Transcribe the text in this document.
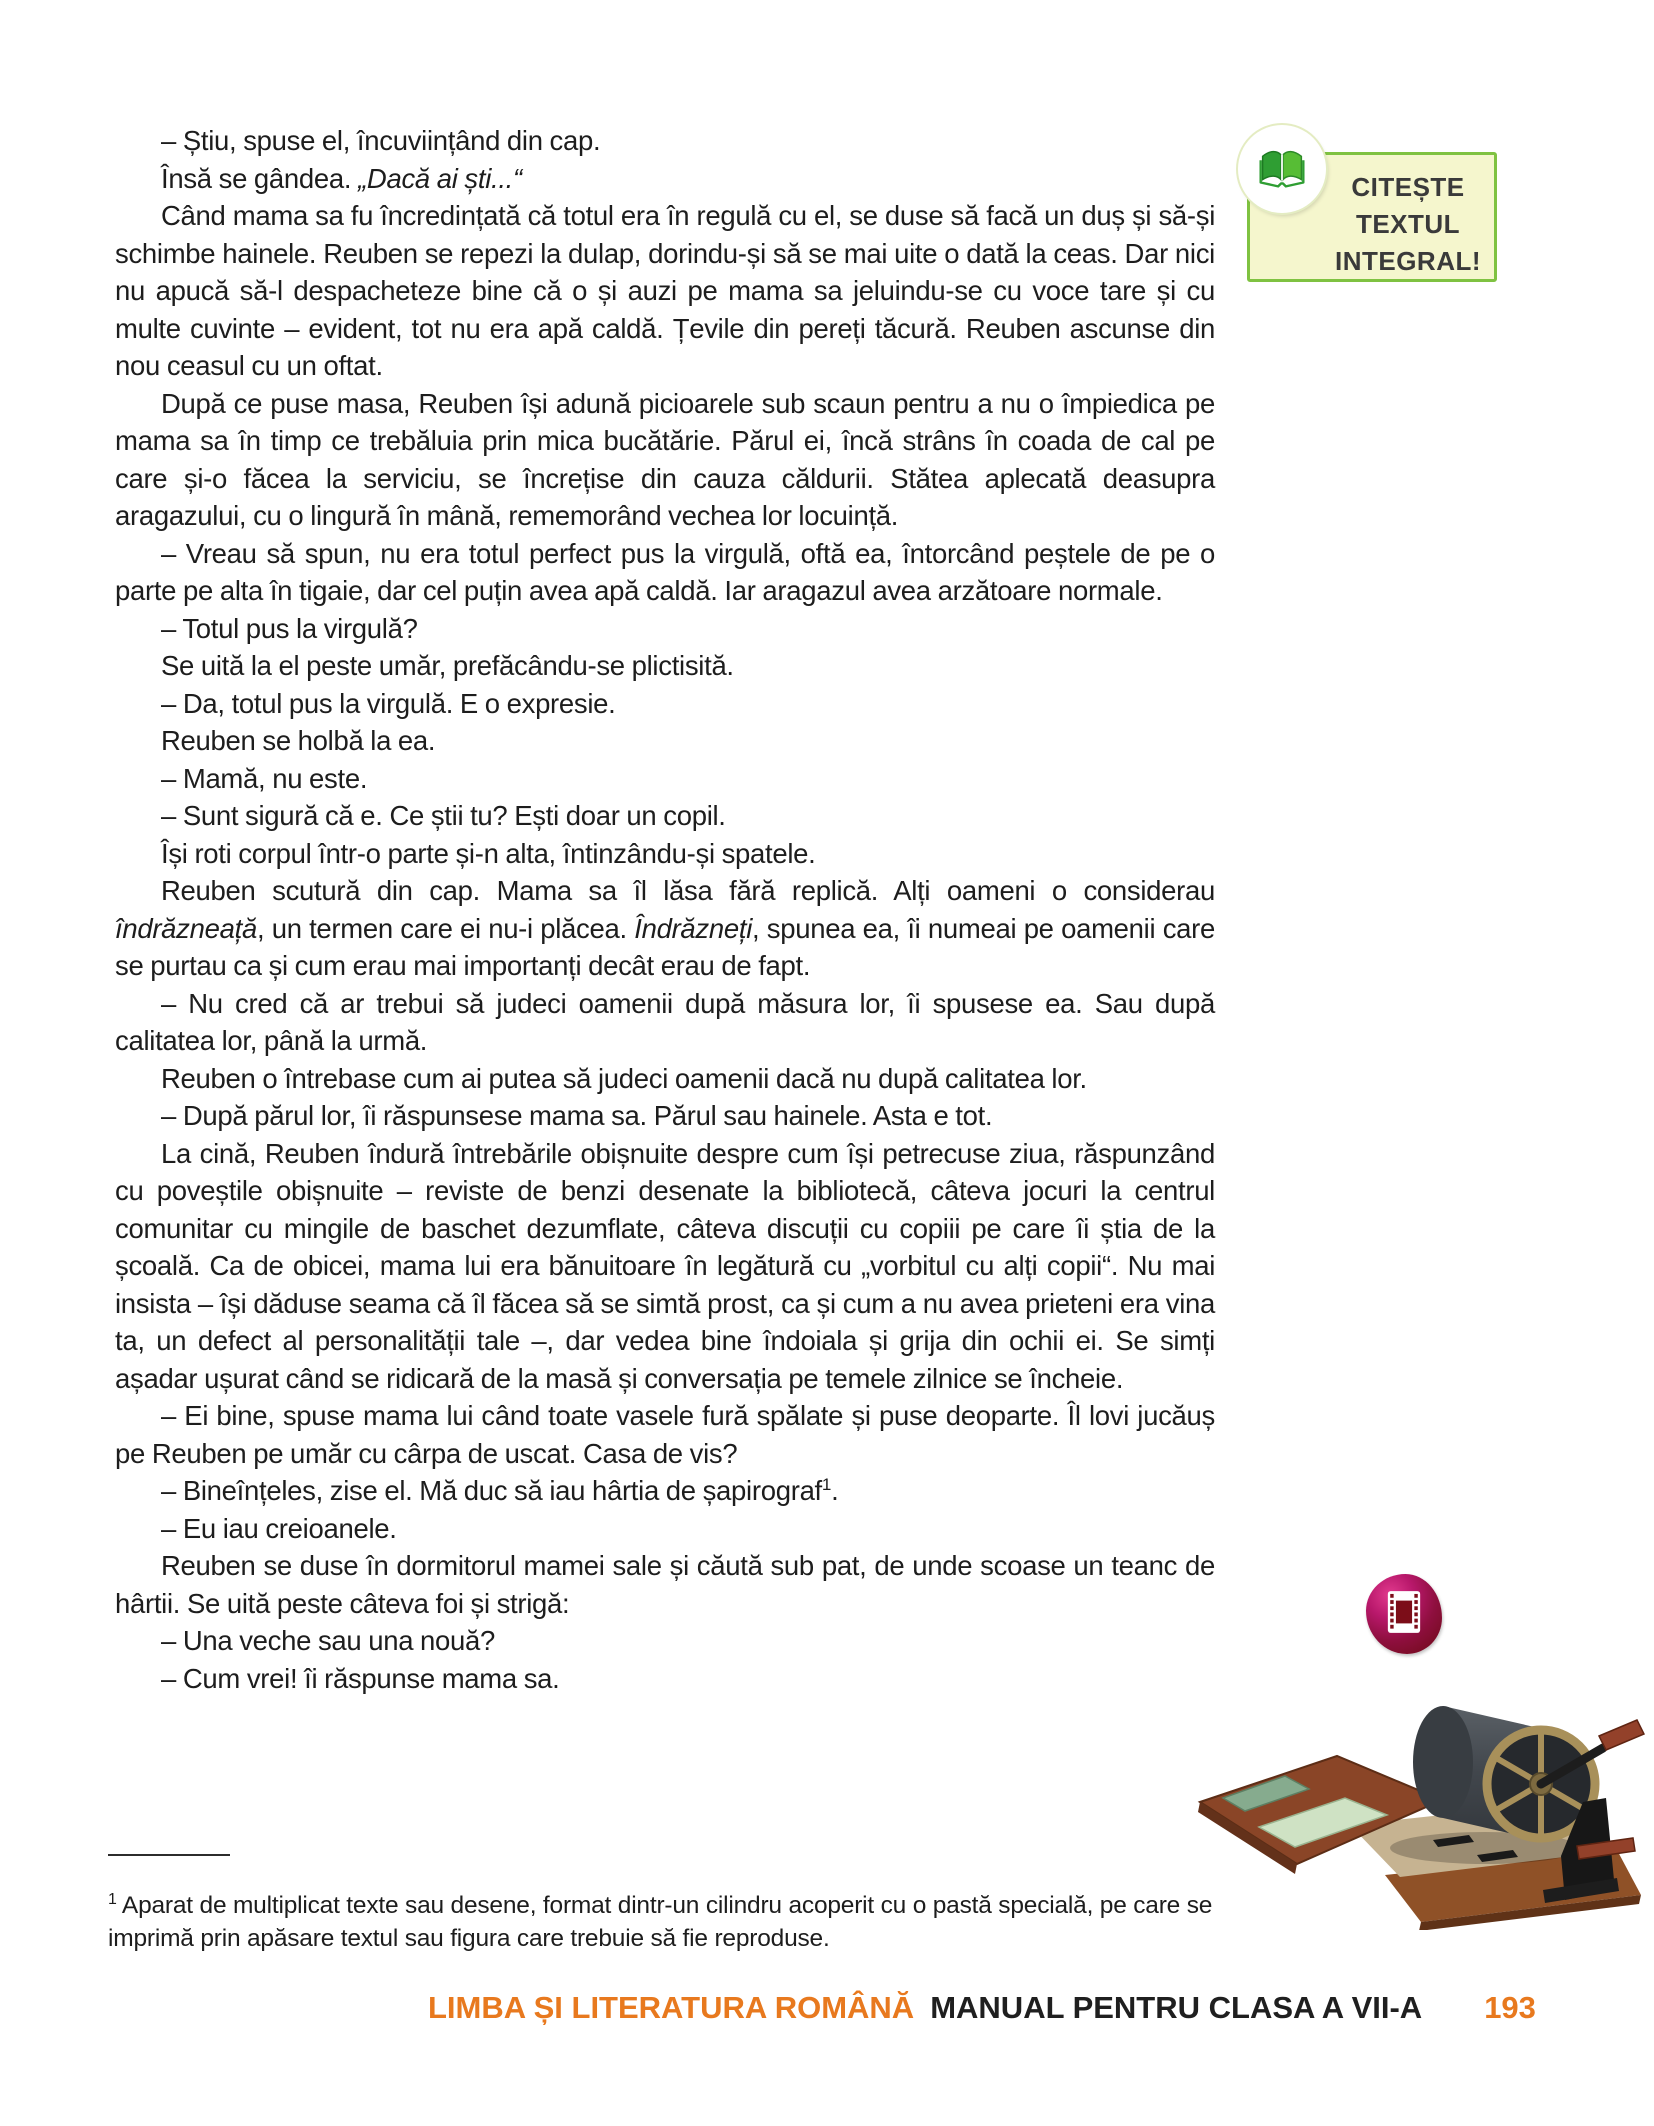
– Știu, spuse el, încuviințând din cap.

Însă se gândea. „Dacă ai ști...“

Când mama sa fu încredințată că totul era în regulă cu el, se duse să facă un duș și să-și schimbe hainele. Reuben se repezi la dulap, dorindu-și să se mai uite o dată la ceas. Dar nici nu apucă să-l despacheteze bine că o și auzi pe mama sa jeluindu-se cu voce tare și cu multe cuvinte – evident, tot nu era apă caldă. Țevile din pereți tăcură. Reuben ascunse din nou ceasul cu un oftat.

După ce puse masa, Reuben își adună picioarele sub scaun pentru a nu o împiedica pe mama sa în timp ce trebăluia prin mica bucătărie. Părul ei, încă strâns în coada de cal pe care și-o făcea la serviciu, se încrețise din cauza căldurii. Stătea aplecată deasupra aragazului, cu o lingură în mână, rememorând vechea lor locuință.

– Vreau să spun, nu era totul perfect pus la virgulă, oftă ea, întorcând peștele de pe o parte pe alta în tigaie, dar cel puțin avea apă caldă. Iar aragazul avea arzătoare normale.

– Totul pus la virgulă?

Se uită la el peste umăr, prefăcându-se plictisită.

– Da, totul pus la virgulă. E o expresie.

Reuben se holbă la ea.

– Mamă, nu este.

– Sunt sigură că e. Ce știi tu? Ești doar un copil.

Își roti corpul într-o parte și-n alta, întinzându-și spatele.

Reuben scutură din cap. Mama sa îl lăsa fără replică. Alți oameni o considerau îndrăzneață, un termen care ei nu-i plăcea. Îndrăzneți, spunea ea, îi numeai pe oamenii care se purtau ca și cum erau mai importanți decât erau de fapt.

– Nu cred că ar trebui să judeci oamenii după măsura lor, îi spusese ea. Sau după calitatea lor, până la urmă.

Reuben o întrebase cum ai putea să judeci oamenii dacă nu după calitatea lor.

– După părul lor, îi răspunsese mama sa. Părul sau hainele. Asta e tot.

La cină, Reuben îndură întrebările obișnuite despre cum își petrecuse ziua, răspunzând cu poveștile obișnuite – reviste de benzi desenate la bibliotecă, câteva jocuri la centrul comunitar cu mingile de baschet dezumflate, câteva discuții cu copiii pe care îi știa de la școală. Ca de obicei, mama lui era bănuitoare în legătură cu „vorbitul cu alți copii“. Nu mai insista – își dăduse seama că îl făcea să se simtă prost, ca și cum a nu avea prieteni era vina ta, un defect al personalității tale –, dar vedea bine îndoiala și grija din ochii ei. Se simți așadar ușurat când se ridicară de la masă și conversația pe temele zilnice se încheie.

– Ei bine, spuse mama lui când toate vasele fură spălate și puse deoparte. Îl lovi jucăuș pe Reuben pe umăr cu cârpa de uscat. Casa de vis?

– Bineînțeles, zise el. Mă duc să iau hârtia de șapirograf$^1$.

– Eu iau creioanele.

Reuben se duse în dormitorul mamei sale și căută sub pat, de unde scoase un teanc de hârtii. Se uită peste câteva foi și strigă:

– Una veche sau una nouă?

– Cum vrei! îi răspunse mama sa.

CITEȘTE
TEXTUL
INTEGRAL!

$^1$ Aparat de multiplicat texte sau desene, format dintr-un cilindru acoperit cu o pastă specială, pe care se imprimă prin apăsare textul sau figura care trebuie să fie reproduse.

LIMBA ȘI LITERATURA ROMÂNĂ MANUAL PENTRU CLASA A VII-A 193
